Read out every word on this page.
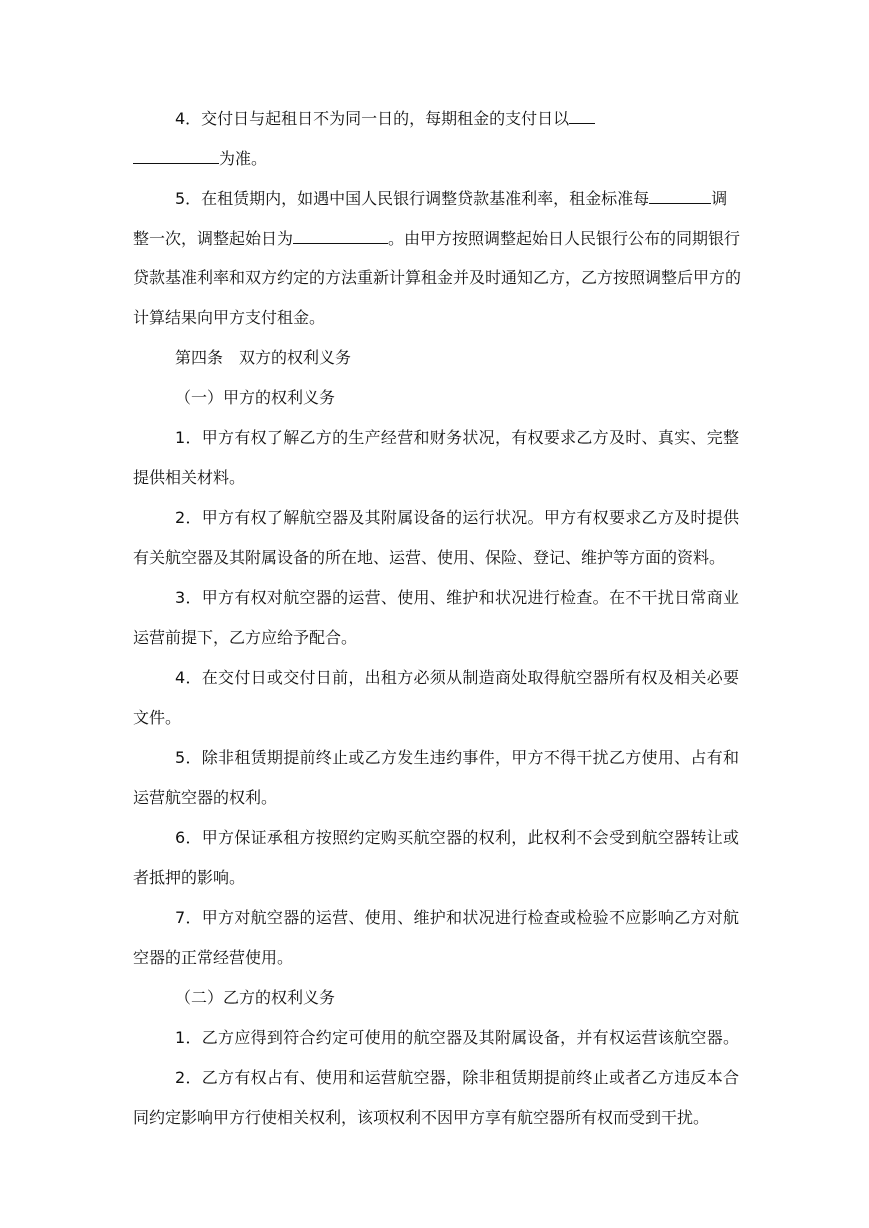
4．交付日与起租日不为同一日的，每期租金的支付日以
为准。
5．在租赁期内，如遇中国人民银行调整贷款基准利率，租金标准每	调
整一次，调整起始日为	。由甲方按照调整起始日人民银行公布的同期银行
贷款基准利率和双方约定的方法重新计算租金并及时通知乙方，乙方按照调整后甲方的
计算结果向甲方支付租金。
第四条　双方的权利义务
（一）甲方的权利义务
1．甲方有权了解乙方的生产经营和财务状况，有权要求乙方及时、真实、完整
提供相关材料。
2．甲方有权了解航空器及其附属设备的运行状况。甲方有权要求乙方及时提供
有关航空器及其附属设备的所在地、运营、使用、保险、登记、维护等方面的资料。
3．甲方有权对航空器的运营、使用、维护和状况进行检查。在不干扰日常商业
运营前提下，乙方应给予配合。
4．在交付日或交付日前，出租方必须从制造商处取得航空器所有权及相关必要
文件。
5．除非租赁期提前终止或乙方发生违约事件，甲方不得干扰乙方使用、占有和
运营航空器的权利。
6．甲方保证承租方按照约定购买航空器的权利，此权利不会受到航空器转让或
者抵押的影响。
7．甲方对航空器的运营、使用、维护和状况进行检查或检验不应影响乙方对航
空器的正常经营使用。
（二）乙方的权利义务
1．乙方应得到符合约定可使用的航空器及其附属设备，并有权运营该航空器。
2．乙方有权占有、使用和运营航空器，除非租赁期提前终止或者乙方违反本合
同约定影响甲方行使相关权利，该项权利不因甲方享有航空器所有权而受到干扰。
